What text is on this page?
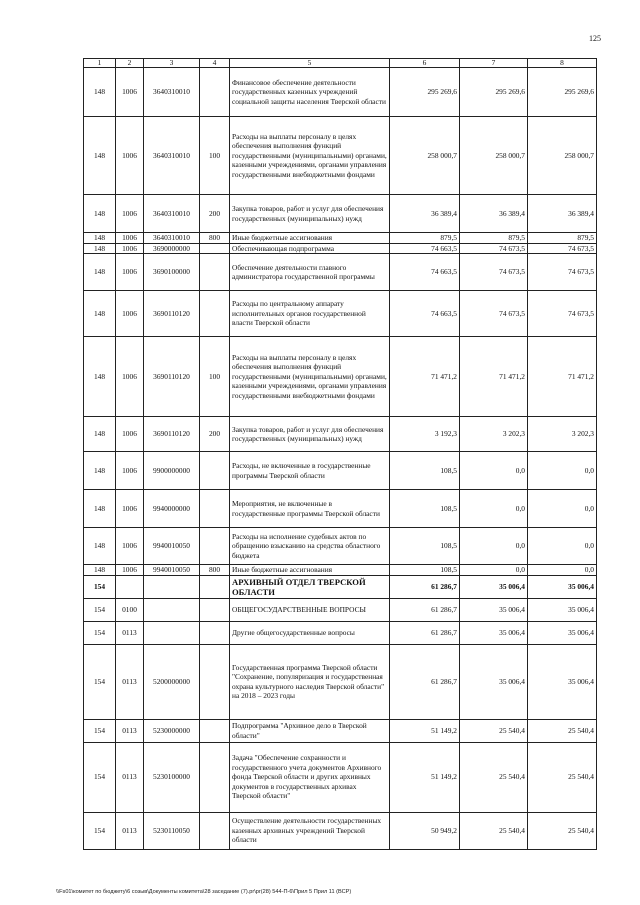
125
1	2	3	4	5	6	7	8
148	1006	3640310010		Финансовое обеспечение деятельности государственных казенных учреждений социальной защиты населения Тверской области	295 269,6	295 269,6	295 269,6
148	1006	3640310010	100	Расходы на выплаты персоналу в целях обеспечения выполнения функций государственными (муниципальными) органами, казенными учреждениями, органами управления государственными внебюджетными фондами	258 000,7	258 000,7	258 000,7
148	1006	3640310010	200	Закупка товаров, работ и услуг для обеспечения государственных (муниципальных) нужд	36 389,4	36 389,4	36 389,4
148	1006	3640310010	800	Иные бюджетные ассигнования	879,5	879,5	879,5
148	1006	3690000000		Обеспечивающая подпрограмма	74 663,5	74 673,5	74 673,5
148	1006	3690100000		Обеспечение деятельности главного администратора государственной программы	74 663,5	74 673,5	74 673,5
148	1006	3690110120		Расходы по центральному аппарату исполнительных органов государственной власти Тверской области	74 663,5	74 673,5	74 673,5
148	1006	3690110120	100	Расходы на выплаты персоналу в целях обеспечения выполнения функций государственными (муниципальными) органами, казенными учреждениями, органами управления государственными внебюджетными фондами	71 471,2	71 471,2	71 471,2
148	1006	3690110120	200	Закупка товаров, работ и услуг для обеспечения государственных (муниципальных) нужд	3 192,3	3 202,3	3 202,3
148	1006	9900000000		Расходы, не включенные в государственные программы Тверской области	108,5	0,0	0,0
148	1006	9940000000		Мероприятия, не включенные в государственные программы Тверской области	108,5	0,0	0,0
148	1006	9940010050		Расходы на исполнение судебных актов по обращению взысканию на средства областного бюджета	108,5	0,0	0,0
148	1006	9940010050	800	Иные бюджетные ассигнования	108,5	0,0	0,0
154				АРХИВНЫЙ ОТДЕЛ ТВЕРСКОЙ ОБЛАСТИ	61 286,7	35 006,4	35 006,4
154	0100			ОБЩЕГОСУДАРСТВЕННЫЕ ВОПРОСЫ	61 286,7	35 006,4	35 006,4
154	0113			Другие общегосударственные вопросы	61 286,7	35 006,4	35 006,4
154	0113	5200000000		Государственная программа Тверской области "Сохранение, популяризация и государственная охрана культурного наследия Тверской области" на 2018 – 2023 годы	61 286,7	35 006,4	35 006,4
154	0113	5230000000		Подпрограмма "Архивное дело в Тверской области"	51 149,2	25 540,4	25 540,4
154	0113	5230100000		Задача "Обеспечение сохранности и государственного учета документов Архивного фонда Тверской области и других архивных документов в государственных архивах Тверской области"	51 149,2	25 540,4	25 540,4
154	0113	5230110050		Осуществление деятельности государственных казенных архивных учреждений Тверской области	50 949,2	25 540,4	25 540,4
\\Fs01\комитет по бюджету\6 созыв\Документы комитета\28 заседание (7).pr\pr(28) 544-П-6\Прил 5 Прил 11 (ВСР)
